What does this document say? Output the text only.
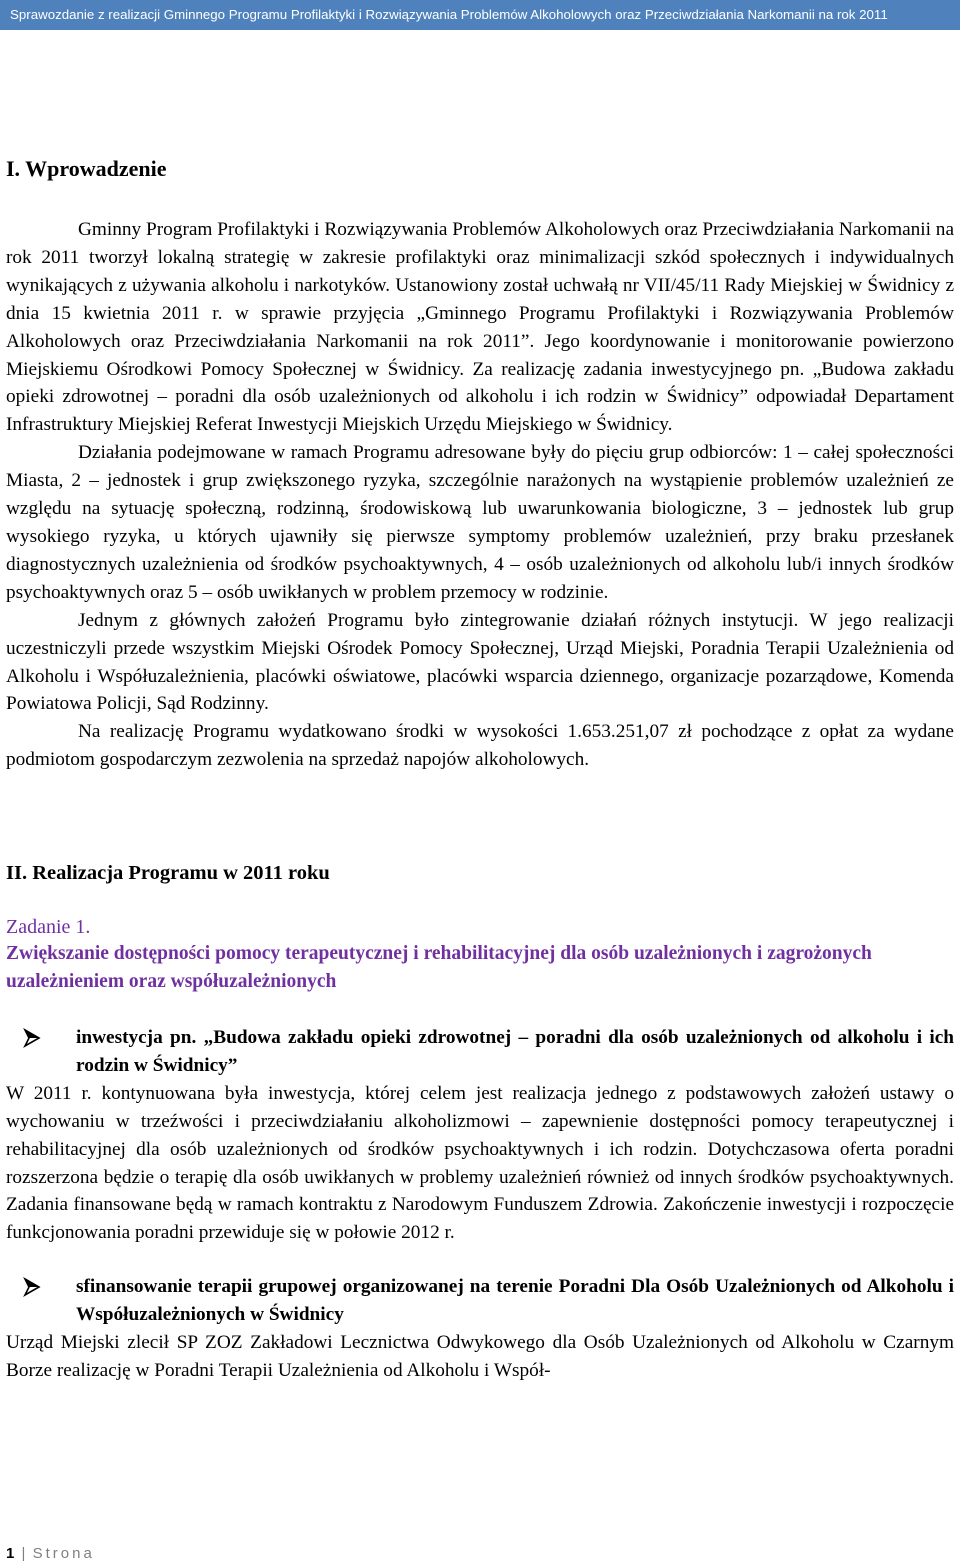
Sprawozdanie z realizacji Gminnego Programu Profilaktyki i Rozwiązywania Problemów Alkoholowych oraz Przeciwdziałania Narkomanii na rok 2011
I. Wprowadzenie

Gminny Program Profilaktyki i Rozwiązywania Problemów Alkoholowych oraz Przeciwdziałania Narkomanii na rok 2011 tworzył lokalną strategię w zakresie profilaktyki oraz minimalizacji szkód społecznych i indywidualnych wynikających z używania alkoholu i narkotyków. Ustanowiony został uchwałą nr VII/45/11 Rady Miejskiej w Świdnicy z dnia 15 kwietnia 2011 r. w sprawie przyjęcia „Gminnego Programu Profilaktyki i Rozwiązywania Problemów Alkoholowych oraz Przeciwdziałania Narkomanii na rok 2011”. Jego koordynowanie i monitorowanie powierzono Miejskiemu Ośrodkowi Pomocy Społecznej w Świdnicy. Za realizację zadania inwestycyjnego pn. „Budowa zakładu opieki zdrowotnej – poradni dla osób uzależnionych od alkoholu i ich rodzin w Świdnicy” odpowiadał Departament Infrastruktury Miejskiej Referat Inwestycji Miejskich Urzędu Miejskiego w Świdnicy.

Działania podejmowane w ramach Programu adresowane były do pięciu grup odbiorców: 1 – całej społeczności Miasta, 2 – jednostek i grup zwiększonego ryzyka, szczególnie narażonych na wystąpienie problemów uzależnień ze względu na sytuację społeczną, rodzinną, środowiskową lub uwarunkowania biologiczne, 3 – jednostek lub grup wysokiego ryzyka, u których ujawniły się pierwsze symptomy problemów uzależnień, przy braku przesłanek diagnostycznych uzależnienia od środków psychoaktywnych, 4 – osób uzależnionych od alkoholu lub/i innych środków psychoaktywnych oraz 5 – osób uwikłanych w problem przemocy w rodzinie.

Jednym z głównych założeń Programu było zintegrowanie działań różnych instytucji. W jego realizacji uczestniczyli przede wszystkim Miejski Ośrodek Pomocy Społecznej, Urząd Miejski, Poradnia Terapii Uzależnienia od Alkoholu i Współuzależnienia, placówki oświatowe, placówki wsparcia dziennego, organizacje pozarządowe, Komenda Powiatowa Policji, Sąd Rodzinny.

Na realizację Programu wydatkowano środki w wysokości 1.653.251,07 zł pochodzące z opłat za wydane podmiotom gospodarczym zezwolenia na sprzedaż napojów alkoholowych.

II. Realizacja Programu w 2011 roku
Zadanie 1.
Zwiększanie dostępności pomocy terapeutycznej i rehabilitacyjnej dla osób uzależnionych i zagrożonych uzależnieniem oraz współuzależnionych
inwestycja pn. „Budowa zakładu opieki zdrowotnej – poradni dla osób uzależnionych od alkoholu i ich rodzin w Świdnicy”

W 2011 r. kontynuowana była inwestycja, której celem jest realizacja jednego z podstawowych założeń ustawy o wychowaniu w trzeźwości i przeciwdziałaniu alkoholizmowi – zapewnienie dostępności pomocy terapeutycznej i rehabilitacyjnej dla osób uzależnionych od środków psychoaktywnych i ich rodzin. Dotychczasowa oferta poradni rozszerzona będzie o terapię dla osób uwikłanych w problemy uzależnień również od innych środków psychoaktywnych. Zadania finansowane będą w ramach kontraktu z Narodowym Funduszem Zdrowia. Zakończenie inwestycji i rozpoczęcie funkcjonowania poradni przewiduje się w połowie 2012 r.

sfinansowanie terapii grupowej organizowanej na terenie Poradni Dla Osób Uzależnionych od Alkoholu i Współuzależnionych w Świdnicy

Urząd Miejski zlecił SP ZOZ Zakładowi Lecznictwa Odwykowego dla Osób Uzależnionych od Alkoholu w Czarnym Borze realizację w Poradni Terapii Uzależnienia od Alkoholu i Współ-

1 | Strona
